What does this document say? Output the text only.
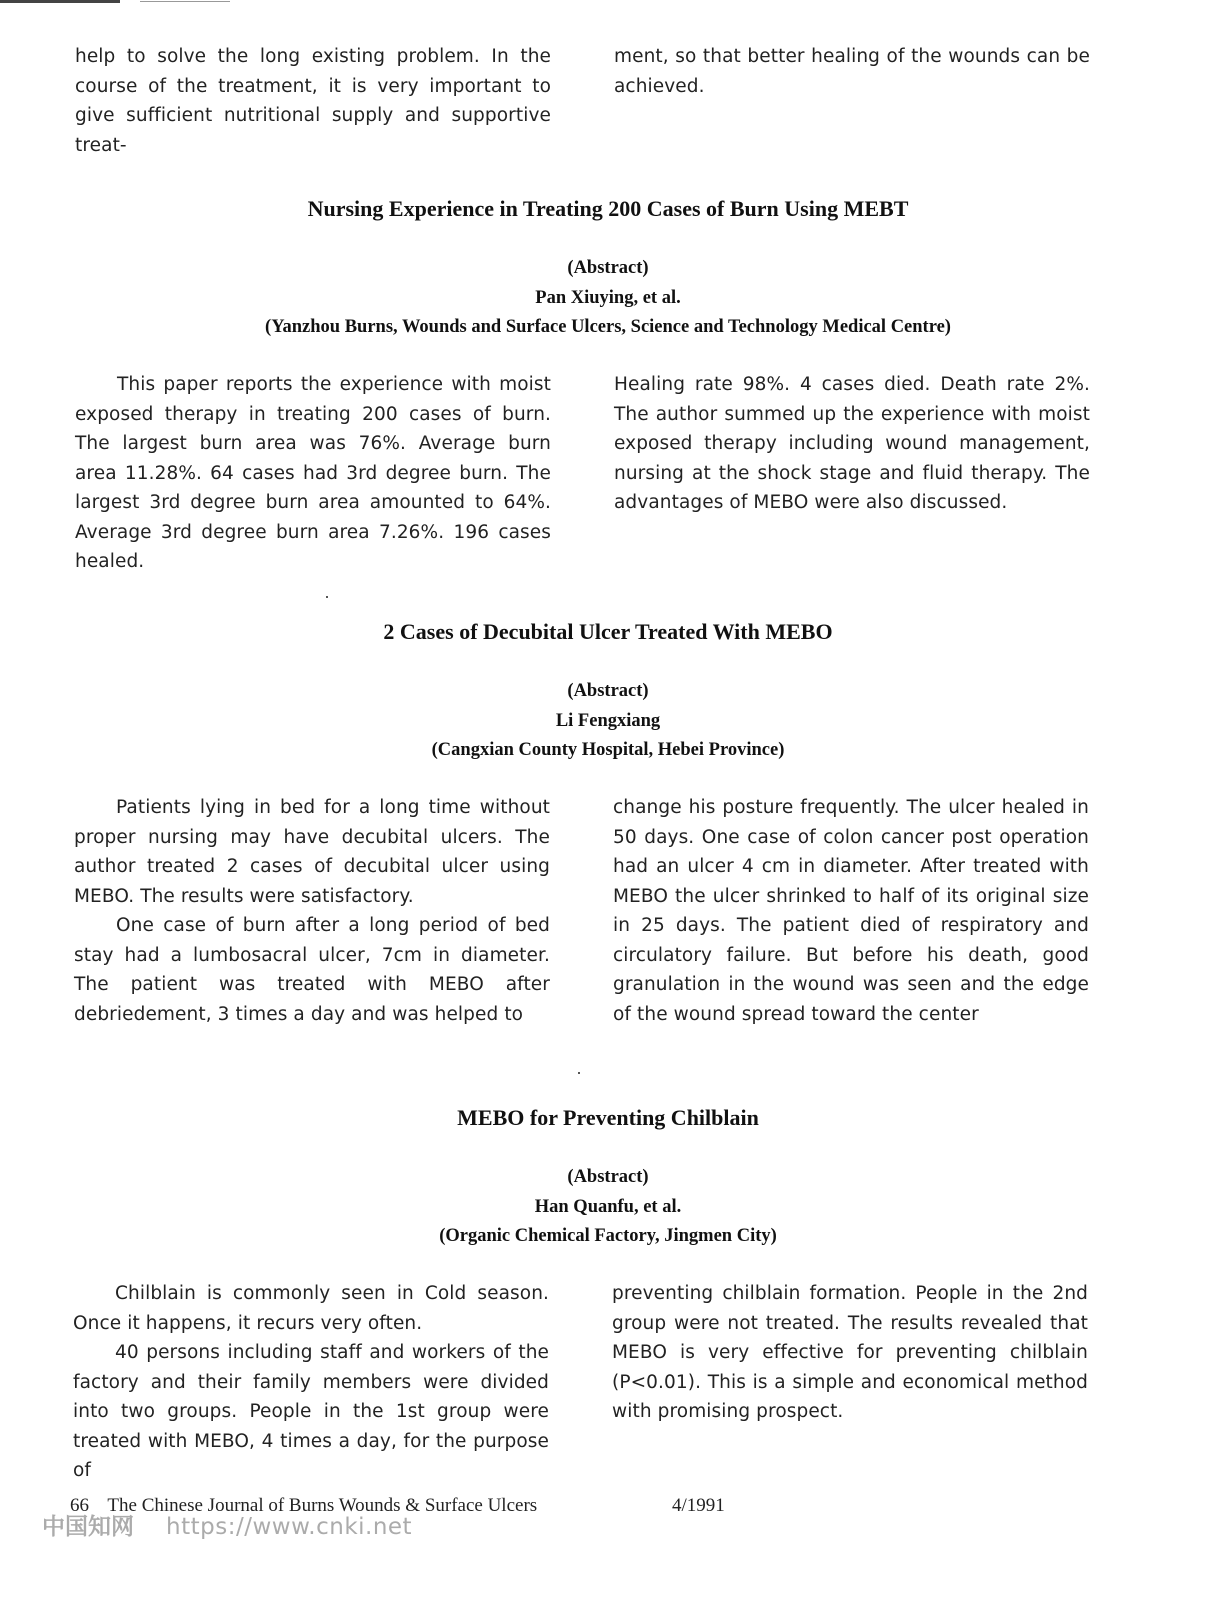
help to solve the long existing problem. In the course of the treatment, it is very important to give sufficient nutritional supply and supportive treat-

ment, so that better healing of the wounds can be achieved.

Nursing Experience in Treating 200 Cases of Burn Using MEBT
(Abstract)
Pan Xiuying, et al.
(Yanzhou Burns, Wounds and Surface Ulcers, Science and Technology Medical Centre)

This paper reports the experience with moist exposed therapy in treating 200 cases of burn. The largest burn area was 76%. Average burn area 11.28%. 64 cases had 3rd degree burn. The largest 3rd degree burn area amounted to 64%. Average 3rd degree burn area 7.26%. 196 cases healed.

Healing rate 98%. 4 cases died. Death rate 2%. The author summed up the experience with moist exposed therapy including wound management, nursing at the shock stage and fluid therapy. The advantages of MEBO were also discussed.

2 Cases of Decubital Ulcer Treated With MEBO
(Abstract)
Li Fengxiang
(Cangxian County Hospital, Hebei Province)

Patients lying in bed for a long time without proper nursing may have decubital ulcers. The author treated 2 cases of decubital ulcer using MEBO. The results were satisfactory.

One case of burn after a long period of bed stay had a lumbosacral ulcer, 7cm in diameter. The patient was treated with MEBO after debriedement, 3 times a day and was helped to

change his posture frequently. The ulcer healed in 50 days. One case of colon cancer post operation had an ulcer 4 cm in diameter. After treated with MEBO the ulcer shrinked to half of its original size in 25 days. The patient died of respiratory and circulatory failure. But before his death, good granulation in the wound was seen and the edge of the wound spread toward the center

MEBO for Preventing Chilblain
(Abstract)
Han Quanfu, et al.
(Organic Chemical Factory, Jingmen City)

Chilblain is commonly seen in Cold season. Once it happens, it recurs very often.

40 persons including staff and workers of the factory and their family members were divided into two groups. People in the 1st group were treated with MEBO, 4 times a day, for the purpose of

preventing chilblain formation. People in the 2nd group were not treated. The results revealed that MEBO is very effective for preventing chilblain (P<0.01). This is a simple and economical method with promising prospect.

66 The Chinese Journal of Burns Wounds & Surface Ulcers	4/1991
中国知网 https://www.cnki.net
